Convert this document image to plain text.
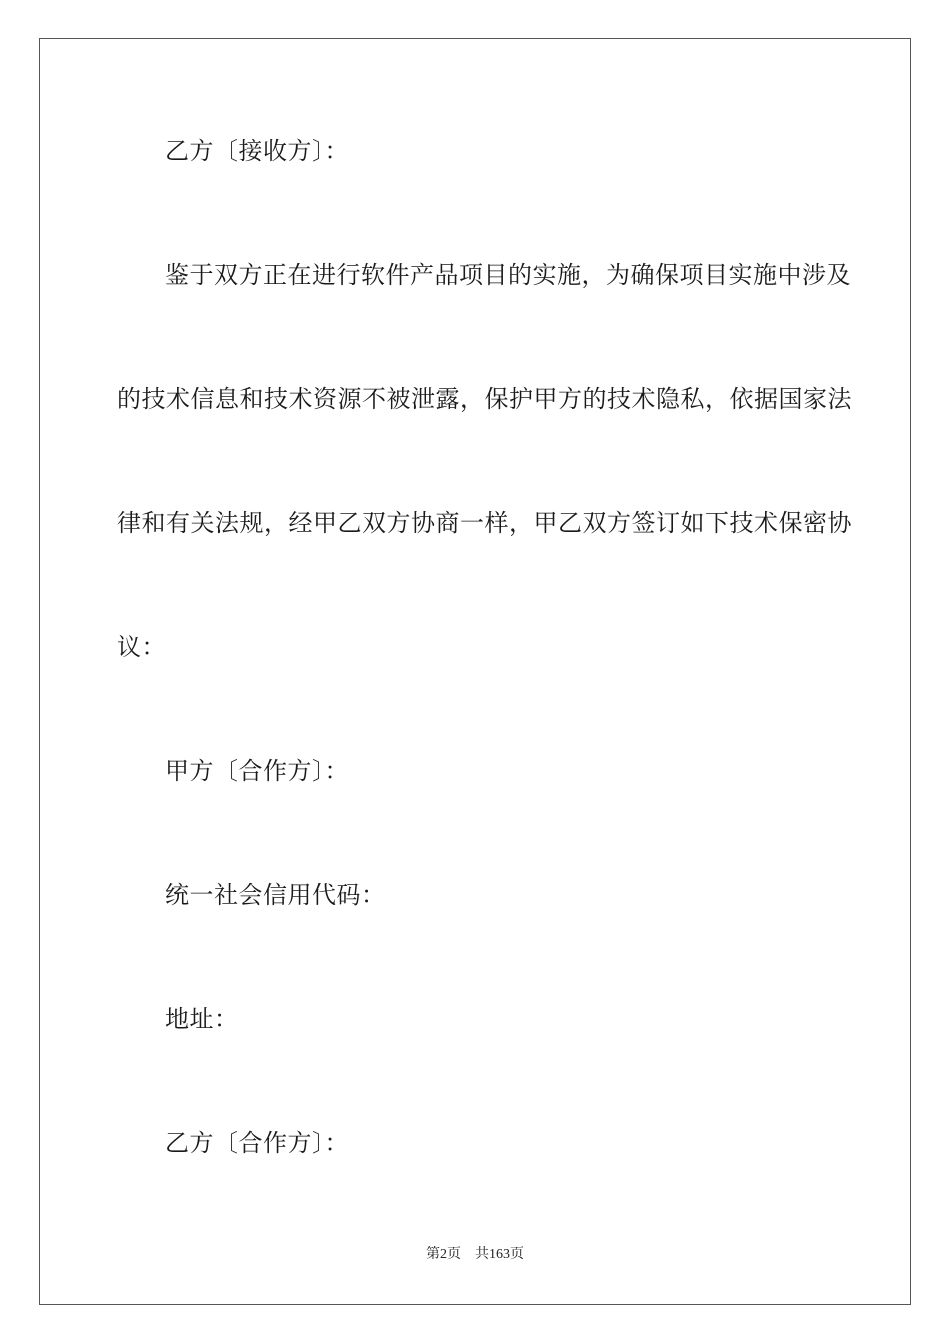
乙方〔接收方〕：
鉴于双方正在进行软件产品项目的实施，为确保项目实施中涉及
的技术信息和技术资源不被泄露，保护甲方的技术隐私，依据国家法
律和有关法规，经甲乙双方协商一样，甲乙双方签订如下技术保密协
议：
甲方〔合作方〕：
统一社会信用代码：
地址：
乙方〔合作方〕：
第2页 共163页
